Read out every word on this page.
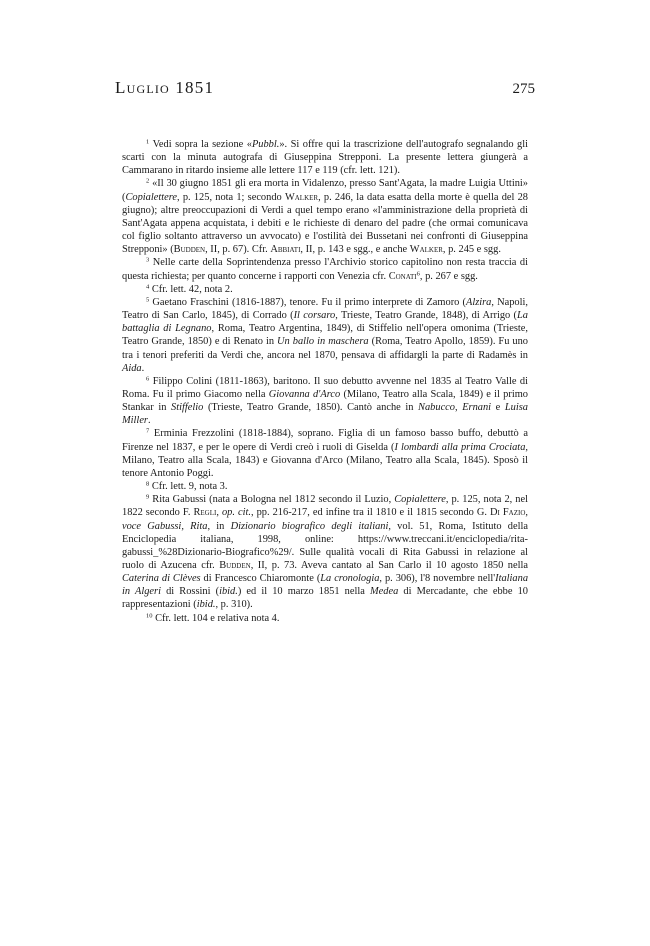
Luglio 1851	275

$^1$ Vedi sopra la sezione «Pubbl.». Si offre qui la trascrizione dell'autografo segnalando gli scarti con la minuta autografa di Giuseppina Strepponi. La presente lettera giungerà a Cammarano in ritardo insieme alle lettere 117 e 119 (cfr. lett. 121).

$^2$ «Il 30 giugno 1851 gli era morta in Vidalenzo, presso Sant'Agata, la madre Luigia Uttini» (Copialettere, p. 125, nota 1; secondo Walker, p. 246, la data esatta della morte è quella del 28 giugno); altre preoccupazioni di Verdi a quel tempo erano «l'amministrazione della proprietà di Sant'Agata appena acquistata, i debiti e le richieste di denaro del padre (che ormai comunicava col figlio soltanto attraverso un avvocato) e l'ostilità dei Bussetani nei confronti di Giuseppina Strepponi» (Budden, II, p. 67). Cfr. Abbiati, II, p. 143 e sgg., e anche Walker, p. 245 e sgg.

$^3$ Nelle carte della Soprintendenza presso l'Archivio storico capitolino non resta traccia di questa richiesta; per quanto concerne i rapporti con Venezia cfr. Conati$^6$, p. 267 e sgg.

$^4$ Cfr. lett. 42, nota 2.

$^5$ Gaetano Fraschini (1816-1887), tenore. Fu il primo interprete di Zamoro (Alzira, Napoli, Teatro di San Carlo, 1845), di Corrado (Il corsaro, Trieste, Teatro Grande, 1848), di Arrigo (La battaglia di Legnano, Roma, Teatro Argentina, 1849), di Stiffelio nell'opera omonima (Trieste, Teatro Grande, 1850) e di Renato in Un ballo in maschera (Roma, Teatro Apollo, 1859). Fu uno tra i tenori preferiti da Verdi che, ancora nel 1870, pensava di affidargli la parte di Radamès in Aida.

$^6$ Filippo Colini (1811-1863), baritono. Il suo debutto avvenne nel 1835 al Teatro Valle di Roma. Fu il primo Giacomo nella Giovanna d'Arco (Milano, Teatro alla Scala, 1849) e il primo Stankar in Stiffelio (Trieste, Teatro Grande, 1850). Cantò anche in Nabucco, Ernani e Luisa Miller.

$^7$ Erminia Frezzolini (1818-1884), soprano. Figlia di un famoso basso buffo, debuttò a Firenze nel 1837, e per le opere di Verdi creò i ruoli di Giselda (I lombardi alla prima Crociata, Milano, Teatro alla Scala, 1843) e Giovanna d'Arco (Milano, Teatro alla Scala, 1845). Sposò il tenore Antonio Poggi.

$^8$ Cfr. lett. 9, nota 3.

$^9$ Rita Gabussi (nata a Bologna nel 1812 secondo il Luzio, Copialettere, p. 125, nota 2, nel 1822 secondo F. Regli, op. cit., pp. 216-217, ed infine tra il 1810 e il 1815 secondo G. Di Fazio, voce Gabussi, Rita, in Dizionario biografico degli italiani, vol. 51, Roma, Istituto della Enciclopedia italiana, 1998, online: https://www.treccani.it/enciclopedia/rita-gabussi_%28Dizionario-Biografico%29/. Sulle qualità vocali di Rita Gabussi in relazione al ruolo di Azucena cfr. Budden, II, p. 73. Aveva cantato al San Carlo il 10 agosto 1850 nella Caterina di Clèves di Francesco Chiaromonte (La cronologia, p. 306), l'8 novembre nell'Italiana in Algeri di Rossini (ibid.) ed il 10 marzo 1851 nella Medea di Mercadante, che ebbe 10 rappresentazioni (ibid., p. 310).

$^{10}$ Cfr. lett. 104 e relativa nota 4.
